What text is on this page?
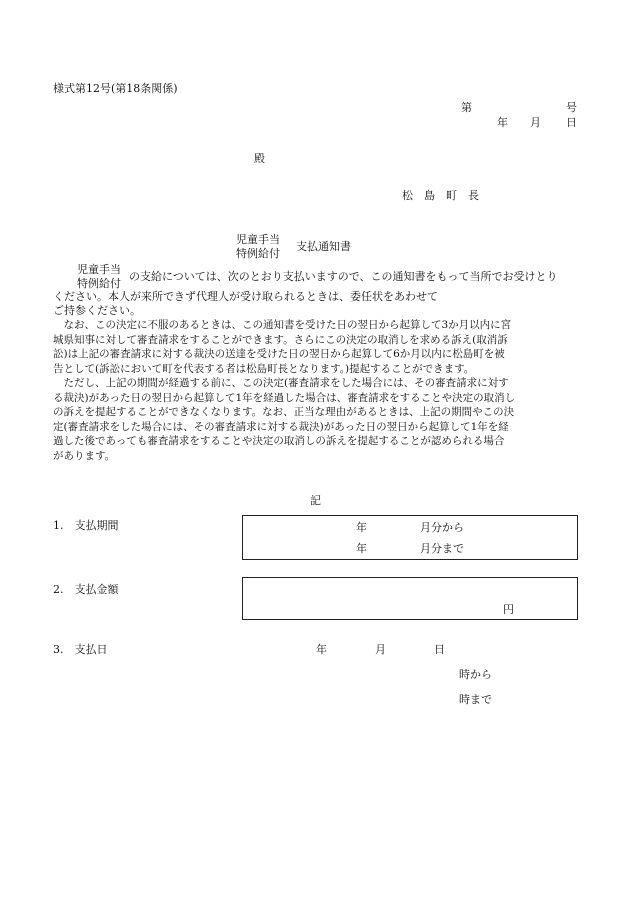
様式第12号(第18条関係)
第	号
年 月 日
殿
松　島　町　長
児童手当
特例給付
支払通知書
児童手当
特例給付
の支給については、次のとおり支払いますので、この通知書をもって当所でお受けとり
ください。本人が来所できず代理人が受け取られるときは、委任状をあわせて
ご持参ください。

　なお、この決定に不服のあるときは、この通知書を受けた日の翌日から起算して3か月以内に宮

城県知事に対して審査請求をすることができます。さらにこの決定の取消しを求める訴え(取消訴

訟)は上記の審査請求に対する裁決の送達を受けた日の翌日から起算して6か月以内に松島町を被

告として(訴訟において町を代表する者は松島町長となります。)提起することができます。

　ただし、上記の期間が経過する前に、この決定(審査請求をした場合には、その審査請求に対す

る裁決)があった日の翌日から起算して1年を経過した場合は、審査請求をすることや決定の取消し

の訴えを提起することができなくなります。なお、正当な理由があるときは、上記の期間やこの決

定(審査請求をした場合には、その審査請求に対する裁決)があった日の翌日から起算して1年を経

過した後であっても審査請求をすることや決定の取消しの訴えを提起することが認められる場合

があります。

記
1.　支払期間	年	月分から
年	月分まで
2.　支払金額
円
3.　支払日	年	月	日
時から
時まで
